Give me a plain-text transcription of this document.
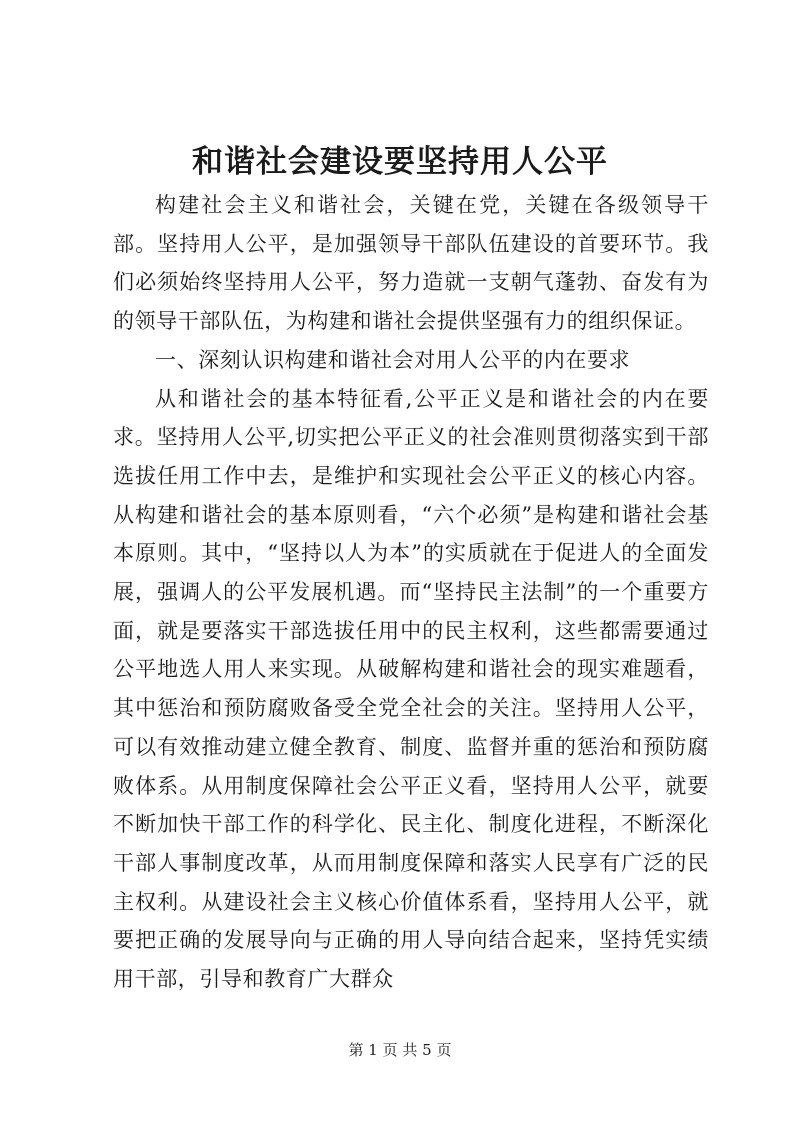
和谐社会建设要坚持用人公平

构建社会主义和谐社会，关键在党，关键在各级领导干部。坚持用人公平，是加强领导干部队伍建设的首要环节。我们必须始终坚持用人公平，努力造就一支朝气蓬勃、奋发有为的领导干部队伍，为构建和谐社会提供坚强有力的组织保证。

一、深刻认识构建和谐社会对用人公平的内在要求

从和谐社会的基本特征看,公平正义是和谐社会的内在要求。坚持用人公平,切实把公平正义的社会准则贯彻落实到干部选拔任用工作中去，是维护和实现社会公平正义的核心内容。从构建和谐社会的基本原则看，“六个必须”是构建和谐社会基本原则。其中，“坚持以人为本”的实质就在于促进人的全面发展，强调人的公平发展机遇。而“坚持民主法制”的一个重要方面，就是要落实干部选拔任用中的民主权利，这些都需要通过公平地选人用人来实现。从破解构建和谐社会的现实难题看，其中惩治和预防腐败备受全党全社会的关注。坚持用人公平，可以有效推动建立健全教育、制度、监督并重的惩治和预防腐败体系。从用制度保障社会公平正义看，坚持用人公平，就要不断加快干部工作的科学化、民主化、制度化进程，不断深化干部人事制度改革，从而用制度保障和落实人民享有广泛的民主权利。从建设社会主义核心价值体系看，坚持用人公平，就要把正确的发展导向与正确的用人导向结合起来，坚持凭实绩用干部，引导和教育广大群众

第 1 页 共 5 页
